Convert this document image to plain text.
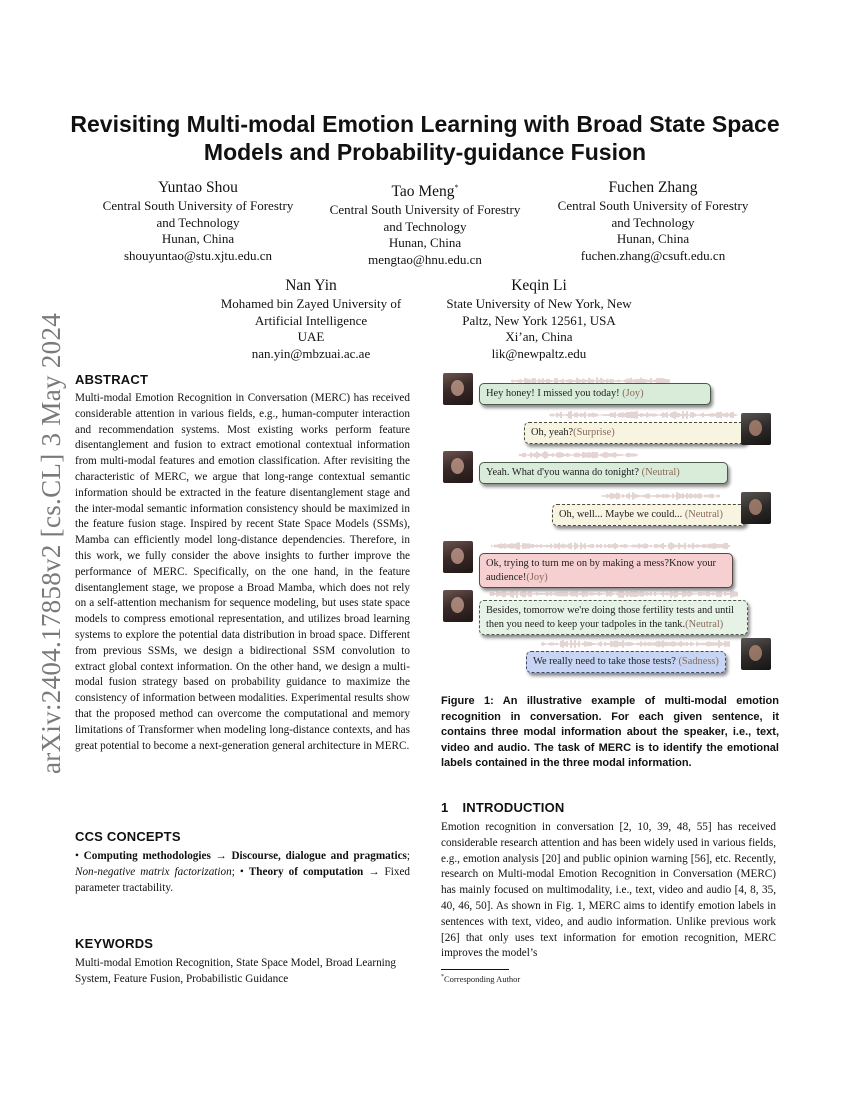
arXiv:2404.17858v2 [cs.CL] 3 May 2024
Revisiting Multi-modal Emotion Learning with Broad State Space
Models and Probability-guidance Fusion
Yuntao Shou
Central South University of Forestry
and Technology
Hunan, China
shouyuntao@stu.xjtu.edu.cn
Tao Meng*
Central South University of Forestry
and Technology
Hunan, China
mengtao@hnu.edu.cn
Fuchen Zhang
Central South University of Forestry
and Technology
Hunan, China
fuchen.zhang@csuft.edu.cn
Nan Yin
Mohamed bin Zayed University of
Artificial Intelligence
UAE
nan.yin@mbzuai.ac.ae
Keqin Li
State University of New York, New
Paltz, New York 12561, USA
Xi’an, China
lik@newpaltz.edu
ABSTRACT
Multi-modal Emotion Recognition in Conversation (MERC) has received considerable attention in various fields, e.g., human-computer interaction and recommendation systems. Most existing works perform feature disentanglement and fusion to extract emotional contextual information from multi-modal features and emotion classification. After revisiting the characteristic of MERC, we argue that long-range contextual semantic information should be extracted in the feature disentanglement stage and the inter-modal semantic information consistency should be maximized in the feature fusion stage. Inspired by recent State Space Models (SSMs), Mamba can efficiently model long-distance dependencies. Therefore, in this work, we fully consider the above insights to further improve the performance of MERC. Specifically, on the one hand, in the feature disentanglement stage, we propose a Broad Mamba, which does not rely on a self-attention mechanism for sequence modeling, but uses state space models to compress emotional representation, and utilizes broad learning systems to explore the potential data distribution in broad space. Different from previous SSMs, we design a bidirectional SSM convolution to extract global context information. On the other hand, we design a multi-modal fusion strategy based on probability guidance to maximize the consistency of information between modalities. Experimental results show that the proposed method can overcome the computational and memory limitations of Transformer when modeling long-distance contexts, and has great potential to become a next-generation general architecture in MERC.
CCS CONCEPTS
• Computing methodologies → Discourse, dialogue and pragmatics; Non-negative matrix factorization; • Theory of computation → Fixed parameter tractability.
KEYWORDS
Multi-modal Emotion Recognition, State Space Model, Broad Learning System, Feature Fusion, Probabilistic Guidance
Hey honey! I missed you today! (Joy)
Oh, yeah?(Surprise)
Yeah. What d'you wanna do tonight? (Neutral)
Oh, well... Maybe we could... (Neutral)
Ok, trying to turn me on by making a mess?Know your audience!(Joy)
Besides, tomorrow we're doing those fertility tests and until then you need to keep your tadpoles in the tank.(Neutral)
We really need to take those tests? (Sadness)
Figure 1: An illustrative example of multi-modal emotion recognition in conversation. For each given sentence, it contains three modal information about the speaker, i.e., text, video and audio. The task of MERC is to identify the emotional labels contained in the three modal information.
1 INTRODUCTION
Emotion recognition in conversation [2, 10, 39, 48, 55] has received considerable research attention and has been widely used in various fields, e.g., emotion analysis [20] and public opinion warning [56], etc. Recently, research on Multi-modal Emotion Recognition in Conversation (MERC) has mainly focused on multimodality, i.e., text, video and audio [4, 8, 35, 40, 46, 50]. As shown in Fig. 1, MERC aims to identify emotion labels in sentences with text, video, and audio information. Unlike previous work [26] that only uses text information for emotion recognition, MERC improves the model’s
*Corresponding Author
